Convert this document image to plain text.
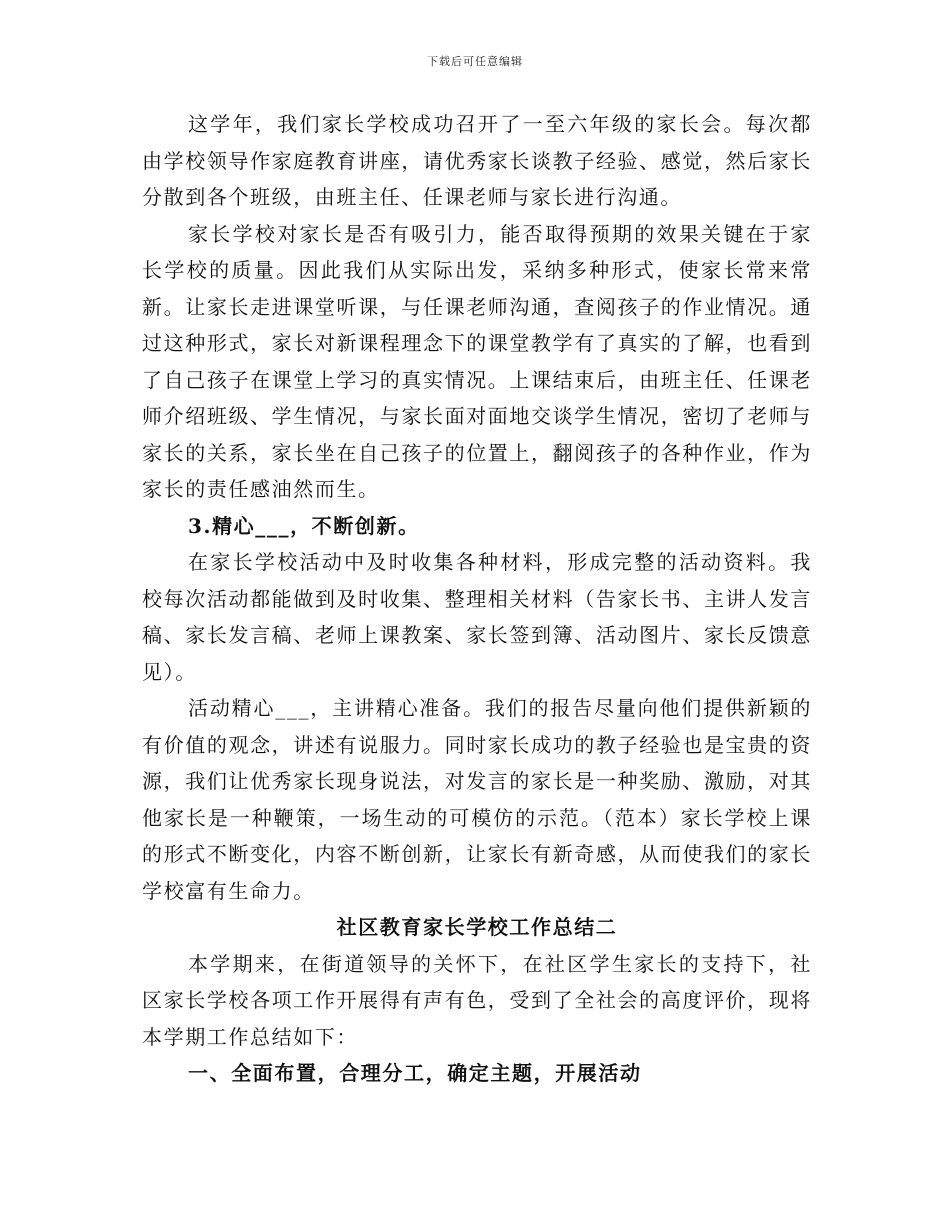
下载后可任意编辑

这学年，我们家长学校成功召开了一至六年级的家长会。每次都由学校领导作家庭教育讲座，请优秀家长谈教子经验、感觉，然后家长分散到各个班级，由班主任、任课老师与家长进行沟通。

家长学校对家长是否有吸引力，能否取得预期的效果关键在于家长学校的质量。因此我们从实际出发，采纳多种形式，使家长常来常新。让家长走进课堂听课，与任课老师沟通，查阅孩子的作业情况。通过这种形式，家长对新课程理念下的课堂教学有了真实的了解，也看到了自己孩子在课堂上学习的真实情况。上课结束后，由班主任、任课老师介绍班级、学生情况，与家长面对面地交谈学生情况，密切了老师与家长的关系，家长坐在自己孩子的位置上，翻阅孩子的各种作业，作为家长的责任感油然而生。

3.精心___，不断创新。

在家长学校活动中及时收集各种材料，形成完整的活动资料。我校每次活动都能做到及时收集、整理相关材料（告家长书、主讲人发言稿、家长发言稿、老师上课教案、家长签到簿、活动图片、家长反馈意见）。

活动精心___，主讲精心准备。我们的报告尽量向他们提供新颖的有价值的观念，讲述有说服力。同时家长成功的教子经验也是宝贵的资源，我们让优秀家长现身说法，对发言的家长是一种奖励、激励，对其他家长是一种鞭策，一场生动的可模仿的示范。（范本）家长学校上课的形式不断变化，内容不断创新，让家长有新奇感，从而使我们的家长学校富有生命力。

社区教育家长学校工作总结二

本学期来，在街道领导的关怀下，在社区学生家长的支持下，社区家长学校各项工作开展得有声有色，受到了全社会的高度评价，现将本学期工作总结如下：

一、全面布置，合理分工，确定主题，开展活动
